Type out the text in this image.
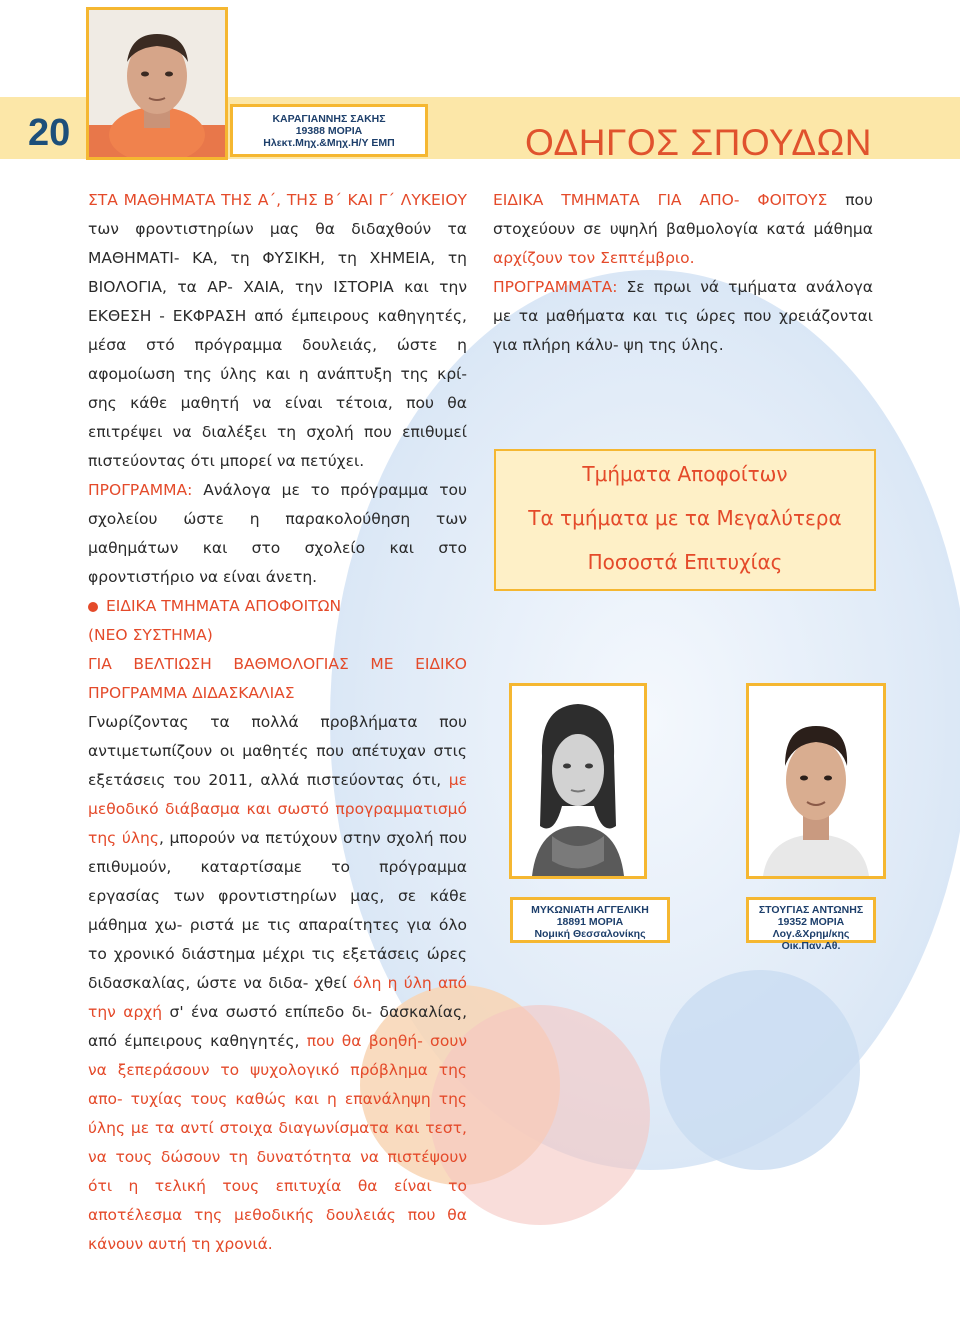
20	ΚΑΡΑΓΙΑΝΝΗΣ ΣΑΚΗΣ
19388 ΜΟΡΙΑ
Ηλεκτ.Μηχ.&Μηχ.Η/Υ ΕΜΠ	ΟΔΗΓΟΣ ΣΠΟΥΔΩΝ

ΣΤΑ ΜΑΘΗΜΑΤΑ ΤΗΣ Α΄, ΤΗΣ Β΄ ΚΑΙ Γ΄ ΛΥΚΕΙΟΥ των φροντιστηρίων μας θα διδαχθούν τα ΜΑΘΗΜΑΤΙ- ΚΑ, τη ΦΥΣΙΚΗ, τη ΧΗΜΕΙΑ, τη ΒΙΟΛΟΓΙΑ, τα ΑΡ- ΧΑΙΑ, την ΙΣΤΟΡΙΑ και την ΕΚΘΕΣΗ - ΕΚΦΡΑΣΗ από έμπειρους καθηγητές, μέσα στό πρόγραμμα δουλειάς, ώστε η αφομοίωση της ύλης και η ανάπτυξη της κρί- σης κάθε μαθητή να είναι τέτοια, που θα επιτρέψει να διαλέξει τη σχολή που επιθυμεί πιστεύοντας ότι μπορεί να πετύχει.

ΠΡΟΓΡΑΜΜΑ: Ανάλογα με το πρόγραμμα του σχολείου ώστε η παρακολούθηση των μαθημάτων και στο σχολείο και στο φροντιστήριο να είναι άνετη.

ΕΙΔΙΚΑ ΤΜΗΜΑΤΑ ΑΠΟΦΟΙΤΩΝ

(ΝΕΟ ΣΥΣΤΗΜΑ)

ΓΙΑ ΒΕΛΤΙΩΣΗ ΒΑΘΜΟΛΟΓΙΑΣ ΜΕ ΕΙΔΙΚΟ ΠΡΟΓΡΑΜΜΑ ΔΙΔΑΣΚΑΛΙΑΣ

Γνωρίζοντας τα πολλά προβλήματα που αντιμετωπίζουν οι μαθητές που απέτυχαν στις εξετάσεις του 2011, αλλά πιστεύοντας ότι, με μεθοδικό διάβασμα και σωστό προγραμματισμό της ύλης, μπορούν να πετύχουν στην σχολή που επιθυμούν, καταρτίσαμε το πρόγραμμα εργασίας των φροντιστηρίων μας, σε κάθε μάθημα χω- ριστά με τις απαραίτητες για όλο το χρονικό διάστημα μέχρι τις εξετάσεις ώρες διδασκαλίας, ώστε να διδα- χθεί όλη η ύλη από την αρχή σ' ένα σωστό επίπεδο δι- δασκαλίας, από έμπειρους καθηγητές, που θα βοηθή- σουν να ξεπεράσουν το ψυχολογικό πρόβλημα της απο- τυχίας τους καθώς και η επανάληψη της ύλης με τα αντί στοιχα διαγωνίσματα και τεστ, να τους δώσουν τη δυνατότητα να πιστέψουν ότι η τελική τους επιτυχία θα είναι το αποτέλεσμα της μεθοδικής δουλειάς που θα κάνουν αυτή τη χρονιά.

ΕΙΔΙΚΑ ΤΜΗΜΑΤΑ ΓΙΑ ΑΠΟ- ΦΟΙΤΟΥΣ που στοχεύουν σε υψηλή βαθμολογία κατά μάθημα αρχίζουν τον Σεπτέμβριο.

ΠΡΟΓΡΑΜΜΑΤΑ: Σε πρωι νά τμήματα ανάλογα με τα μαθήματα και τις ώρες που χρειάζονται για πλήρη κάλυ- ψη της ύλης.

Τμήματα Αποφοίτων
Τα τμήματα με τα Μεγαλύτερα
Ποσοστά Επιτυχίας
ΜΥΚΩΝΙΑΤΗ ΑΓΓΕΛΙΚΗ
18891 ΜΟΡΙΑ
Νομική Θεσσαλονίκης
ΣΤΟΥΓΙΑΣ ΑΝΤΩΝΗΣ
19352 ΜΟΡΙΑ
Λογ.&Χρημ/κης Οικ.Παν.Αθ.
